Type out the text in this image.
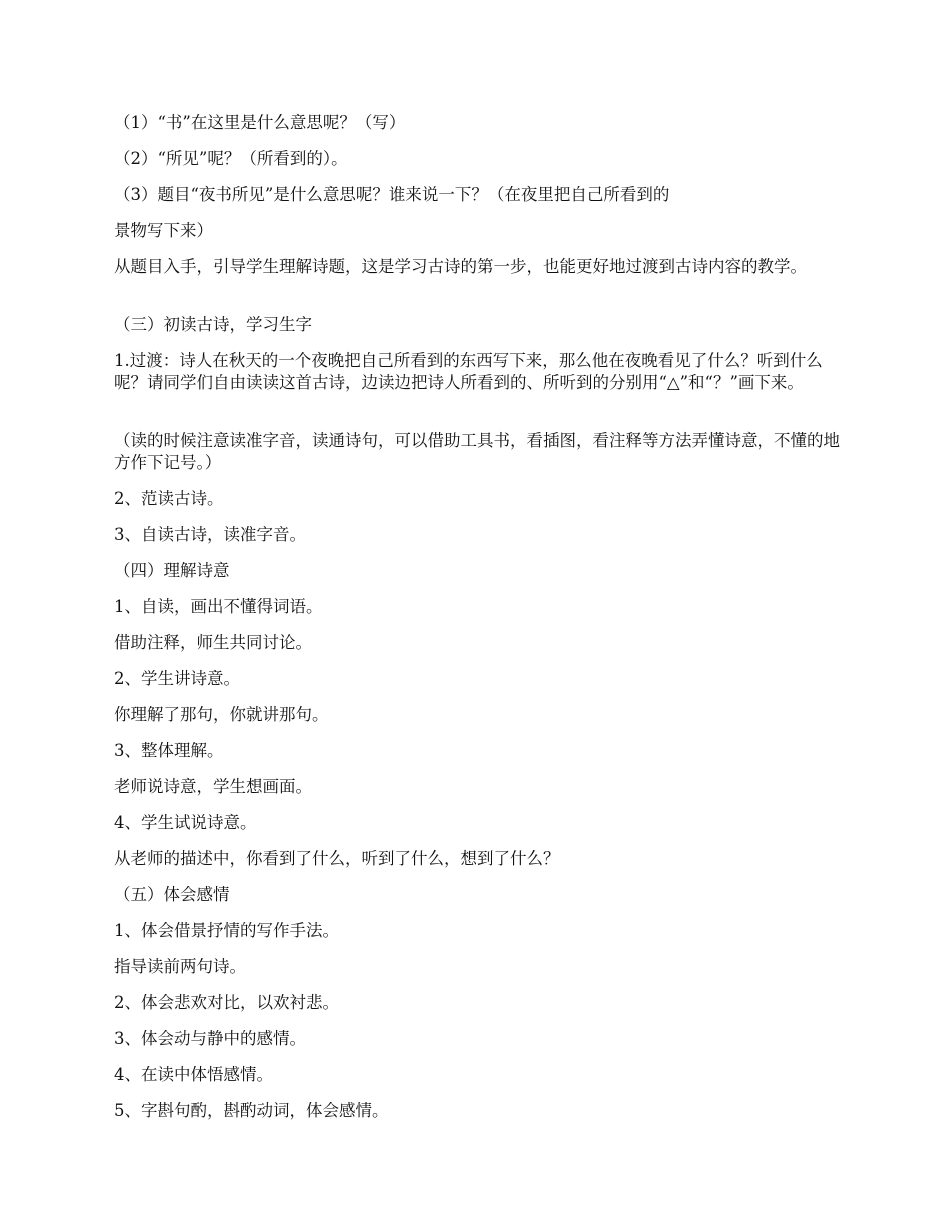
（1）“书”在这里是什么意思呢？（写）
（2）“所见”呢？（所看到的）。
（3）题目“夜书所见”是什么意思呢？谁来说一下？（在夜里把自己所看到的
景物写下来）
从题目入手，引导学生理解诗题，这是学习古诗的第一步，也能更好地过渡到古诗内容的教学。
（三）初读古诗，学习生字
1.过渡：诗人在秋天的一个夜晚把自己所看到的东西写下来，那么他在夜晚看见了什么？听到什么呢？请同学们自由读读这首古诗，边读边把诗人所看到的、所听到的分别用“△”和“？”画下来。
（读的时候注意读准字音，读通诗句，可以借助工具书，看插图，看注释等方法弄懂诗意，不懂的地方作下记号。）
2、范读古诗。
3、自读古诗，读准字音。
（四）理解诗意
1、自读，画出不懂得词语。
借助注释，师生共同讨论。
2、学生讲诗意。
你理解了那句，你就讲那句。
3、整体理解。
老师说诗意，学生想画面。
4、学生试说诗意。
从老师的描述中，你看到了什么，听到了什么，想到了什么？
（五）体会感情
1、体会借景抒情的写作手法。
指导读前两句诗。
2、体会悲欢对比，以欢衬悲。
3、体会动与静中的感情。
4、在读中体悟感情。
5、字斟句酌，斟酌动词，体会感情。
